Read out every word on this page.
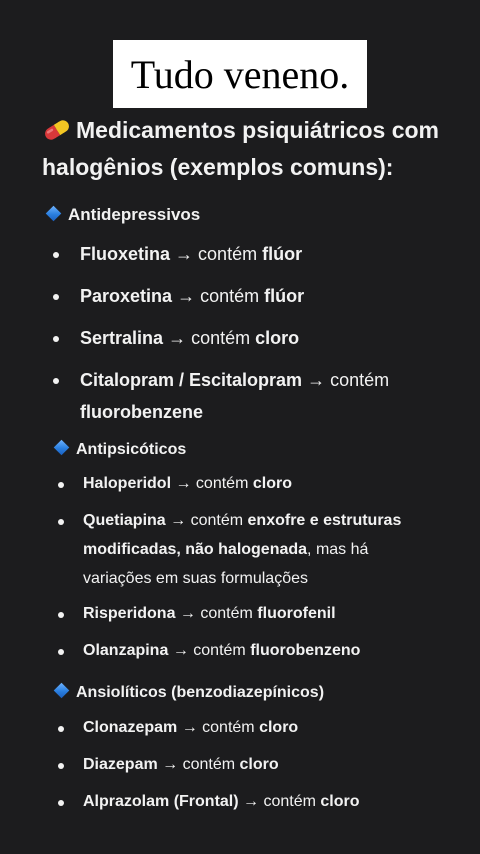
Tudo veneno.
Medicamentos psiquiátricos com
halogênios (exemplos comuns):
Antidepressivos
Fluoxetina → contém flúor
Paroxetina → contém flúor
Sertralina → contém cloro
Citalopram / Escitalopram → contém
fluorobenzene
Antipsicóticos
Haloperidol → contém cloro
Quetiapina → contém enxofre e estruturas
modificadas, não halogenada, mas há
variações em suas formulações
Risperidona → contém fluorofenil
Olanzapina → contém fluorobenzeno
Ansiolíticos (benzodiazepínicos)
Clonazepam → contém cloro
Diazepam → contém cloro
Alprazolam (Frontal) → contém cloro
